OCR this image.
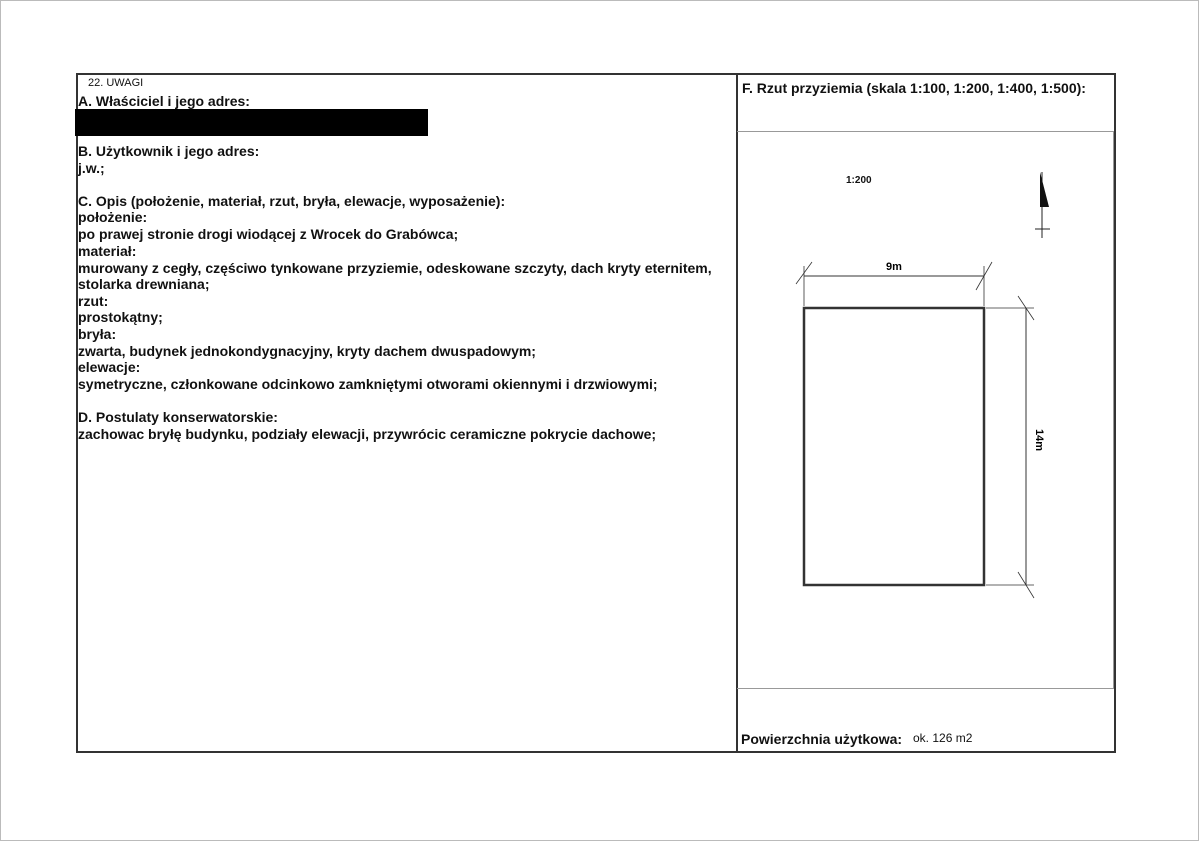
22. UWAGI
A. Właściciel i jego adres:
B. Użytkownik i jego adres:
j.w.;
C. Opis (położenie, materiał, rzut, bryła, elewacje, wyposażenie):
położenie:
po prawej stronie drogi wiodącej z Wrocek do Grabówca;
materiał:
murowany z cegły, częściwo tynkowane przyziemie, odeskowane szczyty, dach kryty eternitem,
stolarka drewniana;
rzut:
prostokątny;
bryła:
zwarta, budynek jednokondygnacyjny, kryty dachem dwuspadowym;
elewacje:
symetryczne, członkowane odcinkowo zamkniętymi otworami okiennymi i drzwiowymi;
D. Postulaty konserwatorskie:
zachowac bryłę budynku, podziały elewacji, przywrócic ceramiczne pokrycie dachowe;
F. Rzut przyziemia (skala 1:100, 1:200, 1:400, 1:500):
1:200
9m
14m
Powierzchnia użytkowa: ok. 126 m2
